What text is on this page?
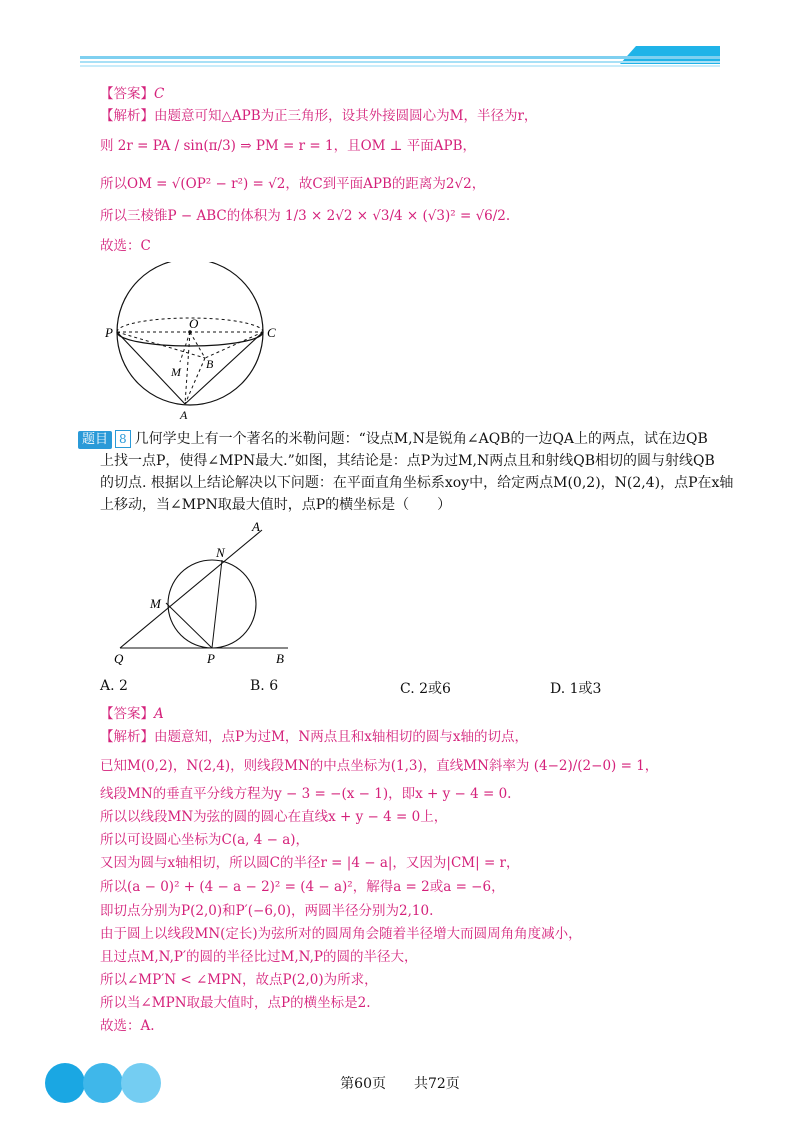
【答案】C
【解析】由题意可知△APB为正三角形，设其外接圆圆心为M，半径为r，
则 2r = PA / sin(π/3) ⇒ PM = r = 1，且OM ⊥ 平面APB，
所以OM = √(OP² − r²) = √2，故C到平面APB的距离为2√2，
所以三棱锥P − ABC的体积为 1/3 × 2√2 × √3/4 × (√3)² = √6/2.
故选：C
P
O
C
M
B
A
题目 8 几何学史上有一个著名的米勒问题：“设点M,N是锐角∠AQB的一边QA上的两点，试在边QB
上找一点P，使得∠MPN最大.”如图，其结论是：点P为过M,N两点且和射线QB相切的圆与射线QB
的切点. 根据以上结论解决以下问题：在平面直角坐标系xoy中，给定两点M(0,2)，N(2,4)，点P在x轴
上移动，当∠MPN取最大值时，点P的横坐标是（　　）
A
N
M
Q	P	B
A. 2	B. 6	C. 2或6	D. 1或3
【答案】A
【解析】由题意知，点P为过M，N两点且和x轴相切的圆与x轴的切点，
已知M(0,2)，N(2,4)，则线段MN的中点坐标为(1,3)，直线MN斜率为 (4−2)/(2−0) = 1，
线段MN的垂直平分线方程为y − 3 = −(x − 1)，即x + y − 4 = 0.
所以以线段MN为弦的圆的圆心在直线x + y − 4 = 0上，
所以可设圆心坐标为C(a, 4 − a)，
又因为圆与x轴相切，所以圆C的半径r = |4 − a|，又因为|CM| = r，
所以(a − 0)² + (4 − a − 2)² = (4 − a)²，解得a = 2或a = −6，
即切点分别为P(2,0)和P′(−6,0)，两圆半径分别为2,10.
由于圆上以线段MN(定长)为弦所对的圆周角会随着半径增大而圆周角角度减小，
且过点M,N,P′的圆的半径比过M,N,P的圆的半径大，
所以∠MP′N < ∠MPN，故点P(2,0)为所求，
所以当∠MPN取最大值时，点P的横坐标是2.
故选：A.
第60页　　共72页
